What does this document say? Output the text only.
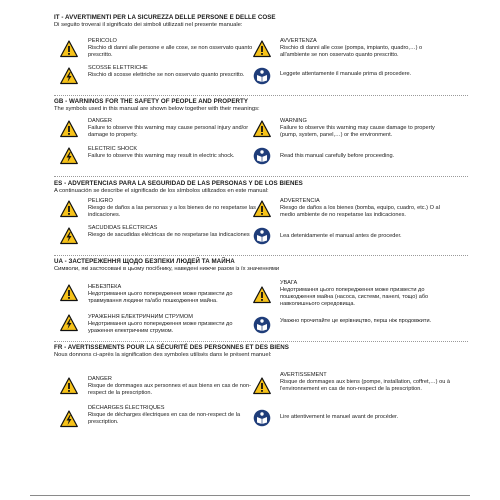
IT - AVVERTIMENTI PER LA SICUREZZA DELLE PERSONE E DELLE COSE
Di seguito troverai il significato dei simboli utilizzati nel presente manuale:
PERICOLO
Rischio di danni alle persone e alle cose, se non osservato quanto prescritto.
SCOSSE ELETTRICHE
Rischio di scosse elettriche se non osservato quanto prescritto.
AVVERTENZA
Rischio di danni alle cose (pompa, impianto, quadro,…) o all'ambiente se non osservato quanto prescritto.
Leggete attentamente il manuale prima di procedere.
GB - WARNINGS FOR THE SAFETY OF PEOPLE AND PROPERTY
The symbols used in this manual are shown below together with their meanings:
DANGER
Failure to observe this warning may cause personal injury and/or damage to property.
ELECTRIC SHOCK
Failure to observe this warning may result in electric shock.
WARNING
Failure to observe this warning may cause damage to property (pump, system, panel,…) or the environment.
Read this manual carefully before proceeding.
ES - ADVERTENCIAS PARA LA SEGURIDAD DE LAS PERSONAS Y DE LOS BIENES
A continuación se describe el significado de los símbolos utilizados en este manual:
PELIGRO
Riesgo de daños a las personas y a los bienes de no respetarse las indicaciones.
SACUDIDAS ELÉCTRICAS
Riesgo de sacudidas eléctricas de no respetarse las indicaciones
ADVERTENCIA
Riesgo de daños a los bienes (bomba, equipo, cuadro, etc.) O al medio ambiente de no respetarse las indicaciones.
Lea detenidamente el manual antes de proceder.
UA - ЗАСТЕРЕЖЕННЯ ЩОДО БЕЗПЕКИ ЛЮДЕЙ ТА МАЙНА
Символи, які застосовані в цьому посібнику, наведені нижче разом із їх значеннями
НЕБЕЗПЕКА
Недотримання цього попередження може призвести до травмування людини та/або пошкодження майна.
УРАЖЕННЯ ЕЛЕКТРИЧНИМ СТРУМОМ
Недотримання цього попередження може призвести до ураження електричним струмом.
УВАГА
Недотримання цього попередження може призвести до пошкодження майна (насоса, системи, панелі, тощо) або навколишнього середовища.
Уважно прочитайте це керівництво, перш ніж продовжити.
FR - AVERTISSEMENTS POUR LA SÉCURITÉ DES PERSONNES ET DES BIENS
Nous donnons ci-après la signification des symboles utilisés dans le présent manuel:
DANGER
Risque de dommages aux personnes et aux biens en cas de non-respect de la prescription.
DÉCHARGES ÉLECTRIQUES
Risque de décharges électriques en cas de non-respect de la prescription.
AVERTISSEMENT
Risque de dommages aux biens (pompe, installation, coffret,…) ou à l'environnement en cas de non-respect de la prescription.
Lire attentivement le manuel avant de procéder.
